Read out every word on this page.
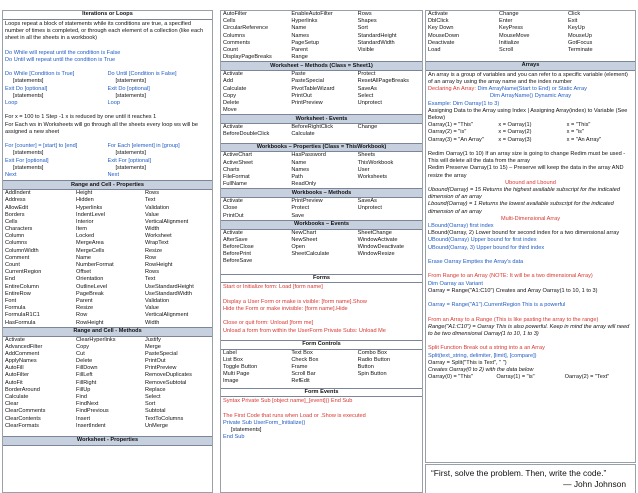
Iterations or Loops
Loops repeat a block of statements while its conditions are true, a specified number of times is completed, or through each element of a collection (like each sheet in all the sheets in a workbook)
Do While will repeat until the condition is False
Do Until will repeat until the condition is True
Do While [Condition is True]
[statements]
Exit Do [optional]
[statements]
Loop
Do Until [Condition is False]
[statements]
Exit Do [optional]
[statements]
Loop
For x = 100 to 1 Step -1 x is reduced by one until it reaches 1
For Each ws in Worksheets will go through all the sheets every loop ws will be assigned a new sheet
For [counter] = [start] to [end]
[statements]
Exit For [optional]
[statements]
Next
For Each [element] in [group]
[statements]
Exit For [optional]
[statements]
Next
Range and Cell - Properties
AddIndent	Height	Rows
Address	Hidden	Text
AllowEdit	Hyperlinks	Validation
Borders	IndentLevel	Value
Cells	Interior	VerticalAlignment
Characters	Item	Width
Column	Locked	Worksheet
Columns	MergeArea	WrapText
ColumnWidth	MergeCells	Resize
Comment	Name	Row
Count	NumberFormat	RowHeight
CurrentRegion	Offset	Rows
End	Orientation	Text
EntireColumn	OutlineLevel	UseStandardHeight
EntireRow	PageBreak	UseStandardWidth
Font	Parent	Validation
Formula	Resize	Value
FormulaR1C1	Row	VerticalAlignment
HasFormula	RowHeight	Width
Range and Cell - Methods
Activate	ClearHyperlinks	Justify
AdvancedFilter	Copy	Merge
AddComment	Cut	PasteSpecial
ApplyNames	Delete	PrintOut
AutoFill	FillDown	PrintPreview
AutoFilter	FillLeft	RemoveDuplicates
AutoFit	FillRight	RemoveSubtotal
BorderAround	FillUp	Replace
Calculate	Find	Select
Clear	FindNext	Sort
ClearComments	FindPrevious	Subtotal
ClearContents	Insert	TextToColumns
ClearFormats	InsertIndent	UnMerge
Worksheet - Properties
AutoFilter	EnableAutoFilter	Rows
Cells	Hyperlinks	Shapes
CircularReference	Name	Sort
Columns	Names	StandardHeight
Comments	PageSetup	StandardWidth
Count	Parent	Visible
DisplayPageBreaks	Range
Worksheet – Methods (Class = Sheet1)
Activate	Paste	Protect
Add	PasteSpecial	ResetAllPageBreaks
Calculate	PivotTableWizard	SaveAs
Copy	PrintOut	Select
Delete	PrintPreview	Unprotect
Move
Worksheet - Events
Activate	BeforeRightClick	Change
BeforeDoubleClick	Calculate
Workbooks – Properties (Class = ThisWorkbook)
ActiveChart	HasPassword	Sheets
ActiveSheet	Name	ThisWorkbook
Charts	Names	User
FileFormat	Path	Worksheets
FullName	ReadOnly
Workbooks – Methods
Activate	PrintPreview	SaveAs
Close	Protect	Unprotect
PrintOut	Save
Workbooks – Events
Activate	NewChart	SheetChange
AfterSave	NewSheet	WindowActivate
BeforeClose	Open	WindowDeactivate
BeforePrint	SheetCalculate	WindowResize
BeforeSave
Forms
Start or Initialize form: Load [form name]
Display a User Form or make is visible: [form name].Show
Hide the Form or make invisible: [form name].Hide
Close or quit form: Unload [form me]
Unload a form from within the UserForm Private Subs: Unload Me
Form Controls
Label	Text Box	Combo Box
List Box	Check Box	Radio Button
Toggle Button	Frame	Button
Multi Page	Scroll Bar	Spin Button
Image	RefEdit
Form Events
Syntax Private Sub [object name]_[event]() End Sub
The First Code that runs when Load or .Show is executed
Private Sub UserForm_Initialize()
[statements]
End Sub
Activate	Change	Click
DblClick	Enter	Exit
Key Down	KeyPress	KeyUp
MouseDown	MouseMove	MouseUp
Deactivate	Initialize	GotFocus
Load	Scroll	Terminate
Arrays
An array is a group of variables and you can refer to a specific variable (element) of an array by using the array name and the index number
Declaring An Array: Dim ArrayName(Start to End) or Static Array
Dim ArrayName() Dynamic Array
Example: Dim Oarray(1 to 3)
Assigning Data to the Array using Index | Assigning Array(index) to Variable (See Below)
Oarray(1) = "This"	x = Oarray(1)	x = "This"
Oarray(2) = "is"	x = Oarray(2)	x = "is"
Oarray(3) = "An Array"	x = Oarray(3)	x = "An Array"
Redim Oarray(1 to 10) If an array size is going to change Redim must be used - This will delete all the data from the array
Redim Preserve Oarray(1 to 15) – Preserve will keep the data in the array AND resize the array
Ubound and Lbound
Ubound(Oarray) = 15 Returns the highest available subscript for the indicated dimension of an array
Lbound(Oarray) = 1 Returns the lowest available subscript for the indicated dimension of an array
Multi-Dimensional Array
LBound(Oarray) first index
LBound(Oarray, 2) Lower bound for second index for a two dimensional array
UBound(Oarray) Upper bound for first index
UBound(Oarray, 3) Upper bound for third index
Erase Oarray Empties the Array's data
From Range to an Array (NOTE: It will be a two dimensional Array)
Dim Oarray as Variant
Oarray = Range("A1:C10") Creates and Array Oarray(1 to 10, 1 to 3)
Oarray = Range("A1").CurrentRegion This is a powerful
From an Array to a Range (This is like pasting the array to the range)
Range("A1:C10") = Oarray This is also powerful. Keep in mind the array will need to be two dimensional Oarray(1 to 10, 1 to 3)
Split Function Break out a string into a an Array
Split(text_string, delimiter, [limit], [compare])
Oarray = Split("This is Text", " ")
Creates Oarray(0 to 2) with the data below
Oarray(0) = "This"	Oarray(1) = "is"	Oarray(2) = "Text"
“First, solve the problem. Then, write the code.”
— John Johnson
